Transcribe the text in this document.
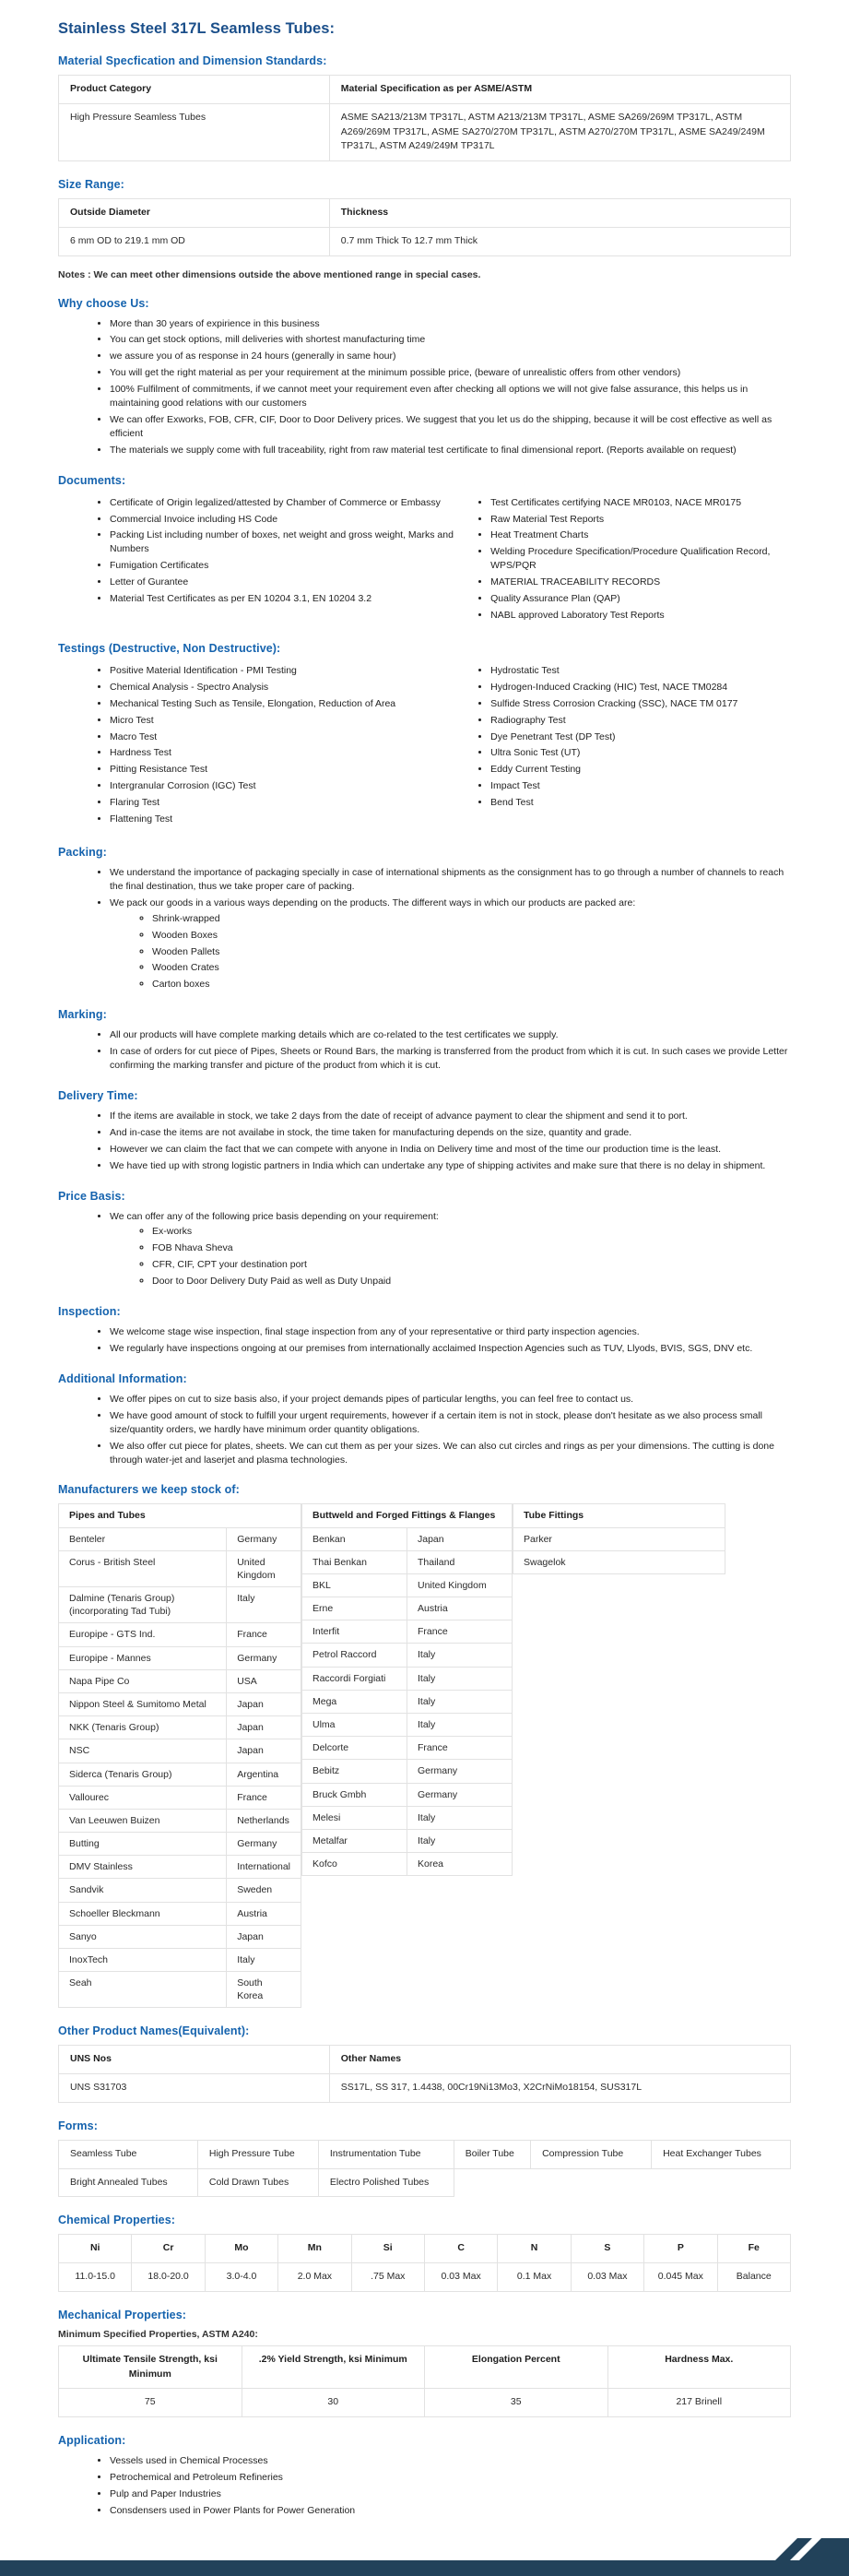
Stainless Steel 317L Seamless Tubes:
Material Specfication and Dimension Standards:
Product Category	Material Specification as per ASME/ASTM
High Pressure Seamless Tubes	ASME SA213/213M TP317L, ASTM A213/213M TP317L, ASME SA269/269M TP317L, ASTM A269/269M TP317L, ASME SA270/270M TP317L, ASTM A270/270M TP317L, ASME SA249/249M TP317L, ASTM A249/249M TP317L
Size Range:
Outside Diameter	Thickness
6 mm OD to 219.1 mm OD	0.7 mm Thick To 12.7 mm Thick

Notes : We can meet other dimensions outside the above mentioned range in special cases.

Why choose Us:
• More than 30 years of expirience in this business
• You can get stock options, mill deliveries with shortest manufacturing time
• we assure you of as response in 24 hours (generally in same hour)
• You will get the right material as per your requirement at the minimum possible price, (beware of unrealistic offers from other vendors)
• 100% Fulfilment of commitments, if we cannot meet your requirement even after checking all options we will not give false assurance, this helps us in maintaining good relations with our customers
• We can offer Exworks, FOB, CFR, CIF, Door to Door Delivery prices. We suggest that you let us do the shipping, because it will be cost effective as well as efficient
• The materials we supply come with full traceability, right from raw material test certificate to final dimensional report. (Reports available on request)
Documents:
• Certificate of Origin legalized/attested by Chamber of Commerce or Embassy
• Commercial Invoice including HS Code
• Packing List including number of boxes, net weight and gross weight, Marks and Numbers
• Fumigation Certificates
• Letter of Gurantee
• Material Test Certificates as per EN 10204 3.1, EN 10204 3.2
• Test Certificates certifying NACE MR0103, NACE MR0175
• Raw Material Test Reports
• Heat Treatment Charts
• Welding Procedure Specification/Procedure Qualification Record, WPS/PQR
• MATERIAL TRACEABILITY RECORDS
• Quality Assurance Plan (QAP)
• NABL approved Laboratory Test Reports
Testings (Destructive, Non Destructive):
• Positive Material Identification - PMI Testing
• Chemical Analysis - Spectro Analysis
• Mechanical Testing Such as Tensile, Elongation, Reduction of Area
• Micro Test
• Macro Test
• Hardness Test
• Pitting Resistance Test
• Intergranular Corrosion (IGC) Test
• Flaring Test
• Flattening Test
• Hydrostatic Test
• Hydrogen-Induced Cracking (HIC) Test, NACE TM0284
• Sulfide Stress Corrosion Cracking (SSC), NACE TM 0177
• Radiography Test
• Dye Penetrant Test (DP Test)
• Ultra Sonic Test (UT)
• Eddy Current Testing
• Impact Test
• Bend Test
Packing:
• We understand the importance of packaging specially in case of international shipments as the consignment has to go through a number of channels to reach the final destination, thus we take proper care of packing.
• We pack our goods in a various ways depending on the products. The different ways in which our products are packed are:
◦ Shrink-wrapped
◦ Wooden Boxes
◦ Wooden Pallets
◦ Wooden Crates
◦ Carton boxes
Marking:
• All our products will have complete marking details which are co-related to the test certificates we supply.
• In case of orders for cut piece of Pipes, Sheets or Round Bars, the marking is transferred from the product from which it is cut. In such cases we provide Letter confirming the marking transfer and picture of the product from which it is cut.
Delivery Time:
• If the items are available in stock, we take 2 days from the date of receipt of advance payment to clear the shipment and send it to port.
• And in-case the items are not availabe in stock, the time taken for manufacturing depends on the size, quantity and grade.
• However we can claim the fact that we can compete with anyone in India on Delivery time and most of the time our production time is the least.
• We have tied up with strong logistic partners in India which can undertake any type of shipping activites and make sure that there is no delay in shipment.
Price Basis:
• We can offer any of the following price basis depending on your requirement:
◦ Ex-works
◦ FOB Nhava Sheva
◦ CFR, CIF, CPT your destination port
◦ Door to Door Delivery Duty Paid as well as Duty Unpaid
Inspection:
• We welcome stage wise inspection, final stage inspection from any of your representative or third party inspection agencies.
• We regularly have inspections ongoing at our premises from internationally acclaimed Inspection Agencies such as TUV, Llyods, BVIS, SGS, DNV etc.
Additional Information:
• We offer pipes on cut to size basis also, if your project demands pipes of particular lengths, you can feel free to contact us.
• We have good amount of stock to fulfill your urgent requirements, however if a certain item is not in stock, please don't hesitate as we also process small size/quantity orders, we hardly have minimum order quantity obligations.
• We also offer cut piece for plates, sheets. We can cut them as per your sizes. We can also cut circles and rings as per your dimensions. The cutting is done through water-jet and laserjet and plasma technologies.
Manufacturers we keep stock of:
Pipes and Tubes	
Benteler	Germany
Corus - British Steel	United Kingdom
Dalmine (Tenaris Group) (incorporating Tad Tubi)	Italy
Europipe - GTS Ind.	France
Europipe - Mannes	Germany
Napa Pipe Co	USA
Nippon Steel & Sumitomo Metal	Japan
NKK (Tenaris Group)	Japan
NSC	Japan
Siderca (Tenaris Group)	Argentina
Vallourec	France
Van Leeuwen Buizen	Netherlands
Butting	Germany
DMV Stainless	International
Sandvik	Sweden
Schoeller Bleckmann	Austria
Sanyo	Japan
InoxTech	Italy
Seah	South Korea
Buttweld and Forged Fittings & Flanges	
Benkan	Japan
Thai Benkan	Thailand
BKL	United Kingdom
Erne	Austria
Interfit	France
Petrol Raccord	Italy
Raccordi Forgiati	Italy
Mega	Italy
Ulma	Italy
Delcorte	France
Bebitz	Germany
Bruck Gmbh	Germany
Melesi	Italy
Metalfar	Italy
Kofco	Korea
Tube Fittings
Parker
Swagelok
Other Product Names(Equivalent):
UNS Nos	Other Names
UNS S31703	SS17L, SS 317, 1.4438, 00Cr19Ni13Mo3, X2CrNiMo18154, SUS317L
Forms:
Seamless Tube	High Pressure Tube	Instrumentation Tube	Boiler Tube	Compression Tube	Heat Exchanger Tubes
Bright Annealed Tubes	Cold Drawn Tubes	Electro Polished Tubes			
Chemical Properties:
Ni	Cr	Mo	Mn	Si	C	N	S	P	Fe
11.0-15.0	18.0-20.0	3.0-4.0	2.0 Max	.75 Max	0.03 Max	0.1 Max	0.03 Max	0.045 Max	Balance
Mechanical Properties:

Minimum Specified Properties, ASTM A240:

Ultimate Tensile Strength, ksi Minimum	.2% Yield Strength, ksi Minimum	Elongation Percent	Hardness Max.
75	30	35	217 Brinell
Application:
• Vessels used in Chemical Processes
• Petrochemical and Petroleum Refineries
• Pulp and Paper Industries
• Consdensers used in Power Plants for Power Generation
